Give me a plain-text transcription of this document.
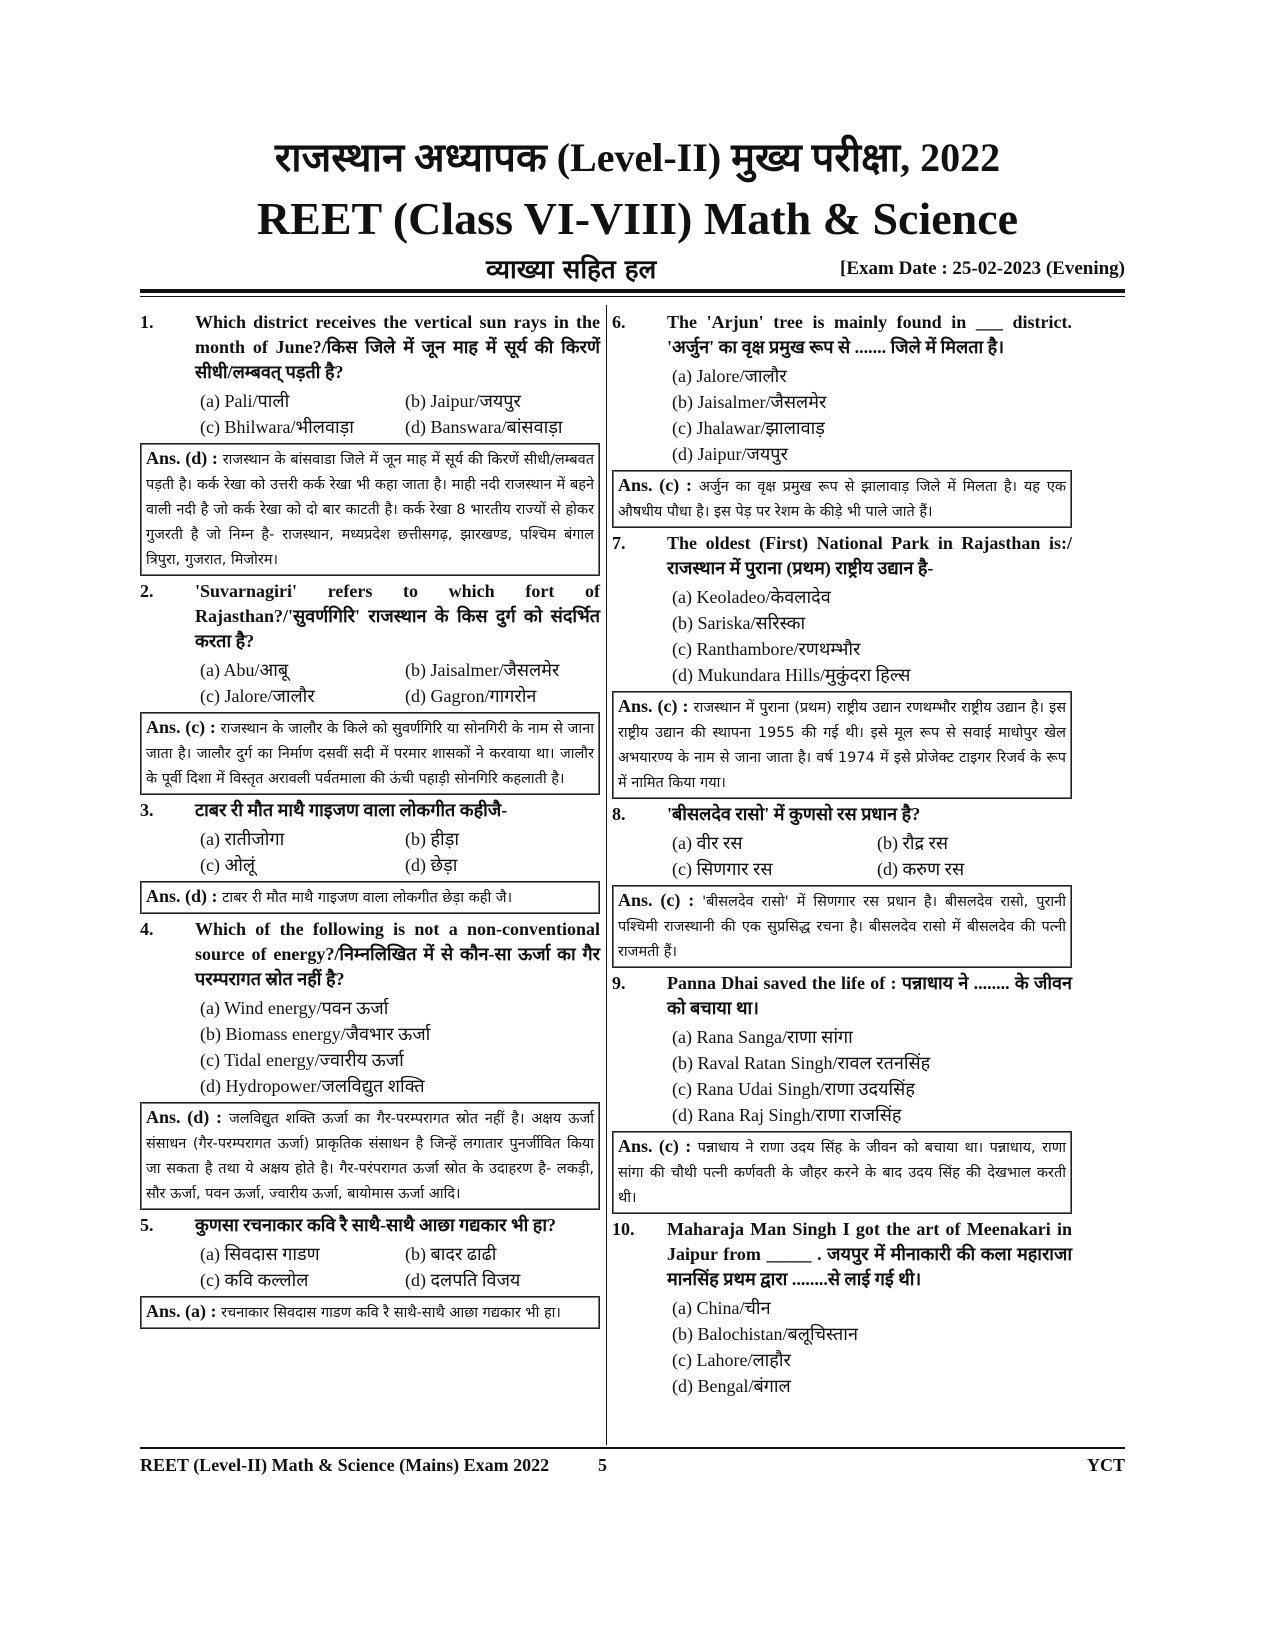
राजस्थान अध्यापक (Level-II) मुख्य परीक्षा, 2022
REET (Class VI-VIII) Math & Science
व्याख्या सहित हल	[Exam Date : 25-02-2023 (Evening)
1.	Which district receives the vertical sun rays in the month of June?/किस जिले में जून माह में सूर्य की किरणें सीधी/लम्बवत् पड़ती है?
(a) Pali/पाली	(b) Jaipur/जयपुर
(c) Bhilwara/भीलवाड़ा	(d) Banswara/बांसवाड़ा
Ans. (d) : राजस्थान के बांसवाडा जिले में जून माह में सूर्य की किरणें सीधी/लम्बवत पड़ती है। कर्क रेखा को उत्तरी कर्क रेखा भी कहा जाता है। माही नदी राजस्थान में बहने वाली नदी है जो कर्क रेखा को दो बार काटती है। कर्क रेखा 8 भारतीय राज्यों से होकर गुजरती है जो निम्न है- राजस्थान, मध्यप्रदेश छत्तीसगढ़, झारखण्ड, पश्चिम बंगाल त्रिपुरा, गुजरात, मिजोरम।
2.	'Suvarnagiri' refers to which fort of Rajasthan?/'सुवर्णगिरि' राजस्थान के किस दुर्ग को संदर्भित करता है?
(a) Abu/आबू	(b) Jaisalmer/जैसलमेर
(c) Jalore/जालौर	(d) Gagron/गागरोन
Ans. (c) : राजस्थान के जालौर के किले को सुवर्णगिरि या सोनगिरी के नाम से जाना जाता है। जालौर दुर्ग का निर्माण दसवीं सदी में परमार शासकों ने करवाया था। जालौर के पूर्वी दिशा में विस्तृत अरावली पर्वतमाला की ऊंची पहाड़ी सोनगिरि कहलाती है।
3.	टाबर री मौत माथै गाइजण वाला लोकगीत कहीजै-
(a) रातीजोगा	(b) हीड़ा
(c) ओलूं	(d) छेड़ा
Ans. (d) : टाबर री मौत माथै गाइजण वाला लोकगीत छेड़ा कही जै।
4.	Which of the following is not a non-conventional source of energy?/निम्नलिखित में से कौन-सा ऊर्जा का गैर परम्परागत स्रोत नहीं है?
(a) Wind energy/पवन ऊर्जा
(b) Biomass energy/जैवभार ऊर्जा
(c) Tidal energy/ज्वारीय ऊर्जा
(d) Hydropower/जलविद्युत शक्ति
Ans. (d) : जलविद्युत शक्ति ऊर्जा का गैर-परम्परागत स्रोत नहीं है। अक्षय ऊर्जा संसाधन (गैर-परम्परागत ऊर्जा) प्राकृतिक संसाधन है जिन्हें लगातार पुनर्जीवित किया जा सकता है तथा ये अक्षय होते है। गैर-परंपरागत ऊर्जा स्रोत के उदाहरण है- लकड़ी, सौर ऊर्जा, पवन ऊर्जा, ज्वारीय ऊर्जा, बायोमास ऊर्जा आदि।
5.	कुणसा रचनाकार कवि रै साथै-साथै आछा गद्यकार भी हा?
(a) सिवदास गाडण	(b) बादर ढाढी
(c) कवि कल्लोल	(d) दलपति विजय
Ans. (a) : रचनाकार सिवदास गाडण कवि रै साथै-साथै आछा गद्यकार भी हा।
6.	The 'Arjun' tree is mainly found in ___ district. 'अर्जुन' का वृक्ष प्रमुख रूप से ....... जिले में मिलता है।
(a) Jalore/जालौर
(b) Jaisalmer/जैसलमेर
(c) Jhalawar/झालावाड़
(d) Jaipur/जयपुर
Ans. (c) : अर्जुन का वृक्ष प्रमुख रूप से झालावाड़ जिले में मिलता है। यह एक औषधीय पौधा है। इस पेड़ पर रेशम के कीड़े भी पाले जाते हैं।
7.	The oldest (First) National Park in Rajasthan is:/राजस्थान में पुराना (प्रथम) राष्ट्रीय उद्यान है-
(a) Keoladeo/केवलादेव
(b) Sariska/सरिस्का
(c) Ranthambore/रणथम्भौर
(d) Mukundara Hills/मुकुंदरा हिल्स
Ans. (c) : राजस्थान में पुराना (प्रथम) राष्ट्रीय उद्यान रणथम्भौर राष्ट्रीय उद्यान है। इस राष्ट्रीय उद्यान की स्थापना 1955 की गई थी। इसे मूल रूप से सवाई माधोपुर खेल अभयारण्य के नाम से जाना जाता है। वर्ष 1974 में इसे प्रोजेक्ट टाइगर रिजर्व के रूप में नामित किया गया।
8.	'बीसलदेव रासो' में कुणसो रस प्रधान है?
(a) वीर रस	(b) रौद्र रस
(c) सिणगार रस	(d) करुण रस
Ans. (c) : 'बीसलदेव रासो' में सिणगार रस प्रधान है। बीसलदेव रासो, पुरानी पश्चिमी राजस्थानी की एक सुप्रसिद्ध रचना है। बीसलदेव रासो में बीसलदेव की पत्नी राजमती हैं।
9.	Panna Dhai saved the life of : पन्नाधाय ने ........ के जीवन को बचाया था।
(a) Rana Sanga/राणा सांगा
(b) Raval Ratan Singh/रावल रतनसिंह
(c) Rana Udai Singh/राणा उदयसिंह
(d) Rana Raj Singh/राणा राजसिंह
Ans. (c) : पन्नाधाय ने राणा उदय सिंह के जीवन को बचाया था। पन्नाधाय, राणा सांगा की चौथी पत्नी कर्णवती के जौहर करने के बाद उदय सिंह की देखभाल करती थी।
10.	Maharaja Man Singh I got the art of Meenakari in Jaipur from _____ . जयपुर में मीनाकारी की कला महाराजा मानसिंह प्रथम द्वारा ........से लाई गई थी।
(a) China/चीन
(b) Balochistan/बलूचिस्तान
(c) Lahore/लाहौर
(d) Bengal/बंगाल
REET (Level-II) Math & Science (Mains) Exam 2022	5	YCT
